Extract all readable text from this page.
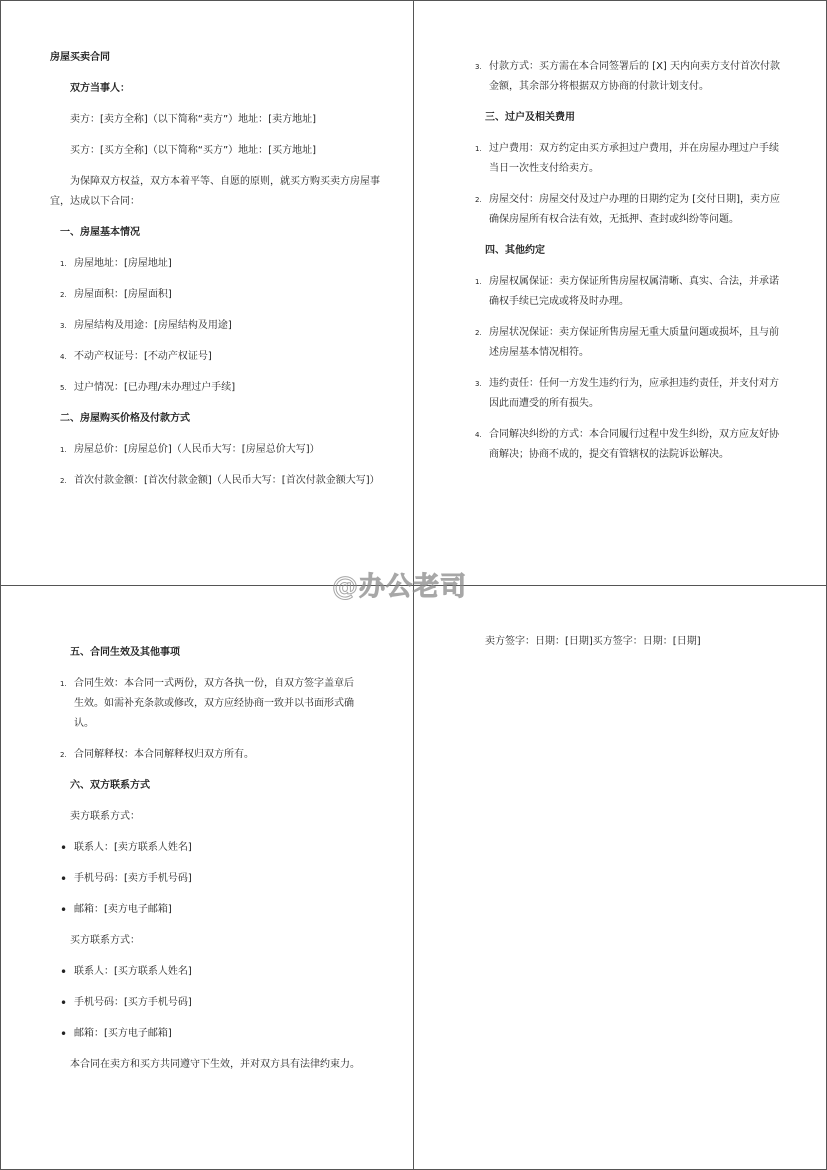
房屋买卖合同
双方当事人：
卖方：[卖方全称]（以下简称“卖方”）地址：[卖方地址]
买方：[买方全称]（以下简称“买方”）地址：[买方地址]
为保障双方权益，双方本着平等、自愿的原则，就买方购买卖方房屋事宜，达成以下合同：
一、房屋基本情况
1. 房屋地址：[房屋地址]
2. 房屋面积：[房屋面积]
3. 房屋结构及用途：[房屋结构及用途]
4. 不动产权证号：[不动产权证号]
5. 过户情况：[已办理/未办理过户手续]
二、房屋购买价格及付款方式
1. 房屋总价：[房屋总价]（人民币大写：[房屋总价大写]）
2. 首次付款金额：[首次付款金额]（人民币大写：[首次付款金额大写]）
3. 付款方式：买方需在本合同签署后的 [X] 天内向卖方支付首次付款金额，其余部分将根据双方协商的付款计划支付。
三、过户及相关费用
1. 过户费用：双方约定由买方承担过户费用，并在房屋办理过户手续当日一次性支付给卖方。
2. 房屋交付：房屋交付及过户办理的日期约定为 [交付日期]，卖方应确保房屋所有权合法有效，无抵押、查封或纠纷等问题。
四、其他约定
1. 房屋权属保证：卖方保证所售房屋权属清晰、真实、合法，并承诺确权手续已完成或将及时办理。
2. 房屋状况保证：卖方保证所售房屋无重大质量问题或损坏，且与前述房屋基本情况相符。
3. 违约责任：任何一方发生违约行为，应承担违约责任，并支付对方因此而遭受的所有损失。
4. 合同解决纠纷的方式：本合同履行过程中发生纠纷，双方应友好协商解决；协商不成的，提交有管辖权的法院诉讼解决。
五、合同生效及其他事项
1. 合同生效：本合同一式两份，双方各执一份，自双方签字盖章后生效。如需补充条款或修改，双方应经协商一致并以书面形式确认。
2. 合同解释权：本合同解释权归双方所有。
六、双方联系方式
卖方联系方式：
• 联系人：[卖方联系人姓名]
• 手机号码：[卖方手机号码]
• 邮箱：[卖方电子邮箱]
买方联系方式：
• 联系人：[买方联系人姓名]
• 手机号码：[买方手机号码]
• 邮箱：[买方电子邮箱]
本合同在卖方和买方共同遵守下生效，并对双方具有法律约束力。
卖方签字：日期：[日期]买方签字：日期：[日期]
@办公老司
